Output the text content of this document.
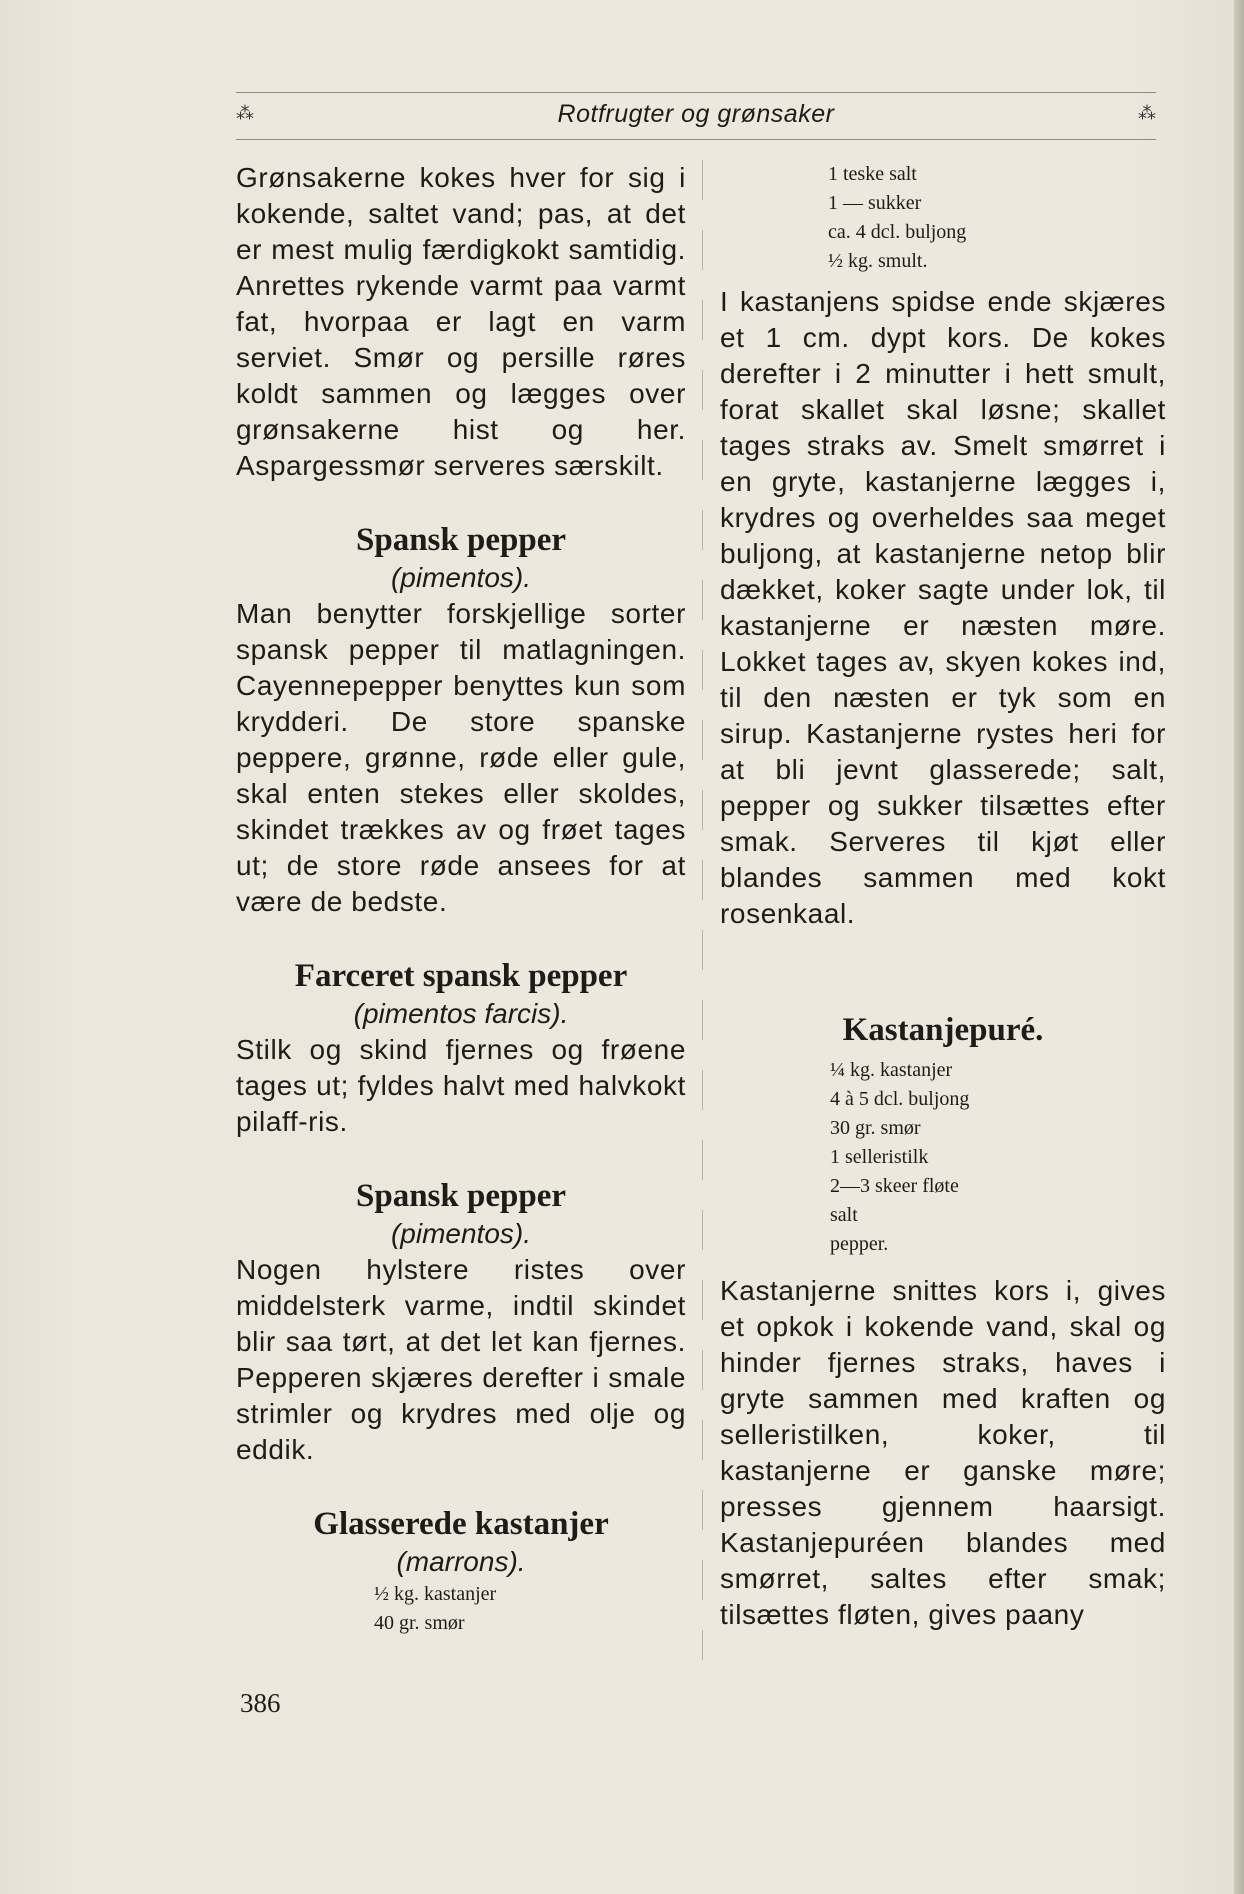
⁂	Rotfrugter og grønsaker	⁂

Grønsakerne kokes hver for sig i kokende, saltet vand; pas, at det er mest mulig færdigkokt samtidig. Anrettes rykende varmt paa varmt fat, hvorpaa er lagt en varm serviet. Smør og persille røres koldt sammen og lægges over grønsakerne hist og her. Aspargessmør serveres særskilt.

Spansk pepper

(pimentos).

Man benytter forskjellige sorter spansk pepper til matlagningen. Cayennepepper benyttes kun som krydderi. De store spanske peppere, grønne, røde eller gule, skal enten stekes eller skoldes, skindet trækkes av og frøet tages ut; de store røde ansees for at være de bedste.

Farceret spansk pepper

(pimentos farcis).

Stilk og skind fjernes og frøene tages ut; fyldes halvt med halvkokt pilaff-ris.

Spansk pepper

(pimentos).

Nogen hylstere ristes over middelsterk varme, indtil skindet blir saa tørt, at det let kan fjernes. Pepperen skjæres derefter i smale strimler og krydres med olje og eddik.

Glasserede kastanjer

(marrons).

½ kg. kastanjer
40 gr. smør
386
1 teske salt
1 — sukker
ca. 4 dcl. buljong
½ kg. smult.

I kastanjens spidse ende skjæres et 1 cm. dypt kors. De kokes derefter i 2 minutter i hett smult, forat skallet skal løsne; skallet tages straks av. Smelt smørret i en gryte, kastanjerne lægges i, krydres og overheldes saa meget buljong, at kastanjerne netop blir dækket, koker sagte under lok, til kastanjerne er næsten møre. Lokket tages av, skyen kokes ind, til den næsten er tyk som en sirup. Kastanjerne rystes heri for at bli jevnt glasserede; salt, pepper og sukker tilsættes efter smak. Serveres til kjøt eller blandes sammen med kokt rosenkaal.

Kastanjepuré.
¼ kg. kastanjer
4 à 5 dcl. buljong
30 gr. smør
1 selleristilk
2—3 skeer fløte
salt
pepper.

Kastanjerne snittes kors i, gives et opkok i kokende vand, skal og hinder fjernes straks, haves i gryte sammen med kraften og selleristilken, koker, til kastanjerne er ganske møre; presses gjennem haarsigt. Kastanjepuréen blandes med smørret, saltes efter smak; tilsættes fløten, gives paany
